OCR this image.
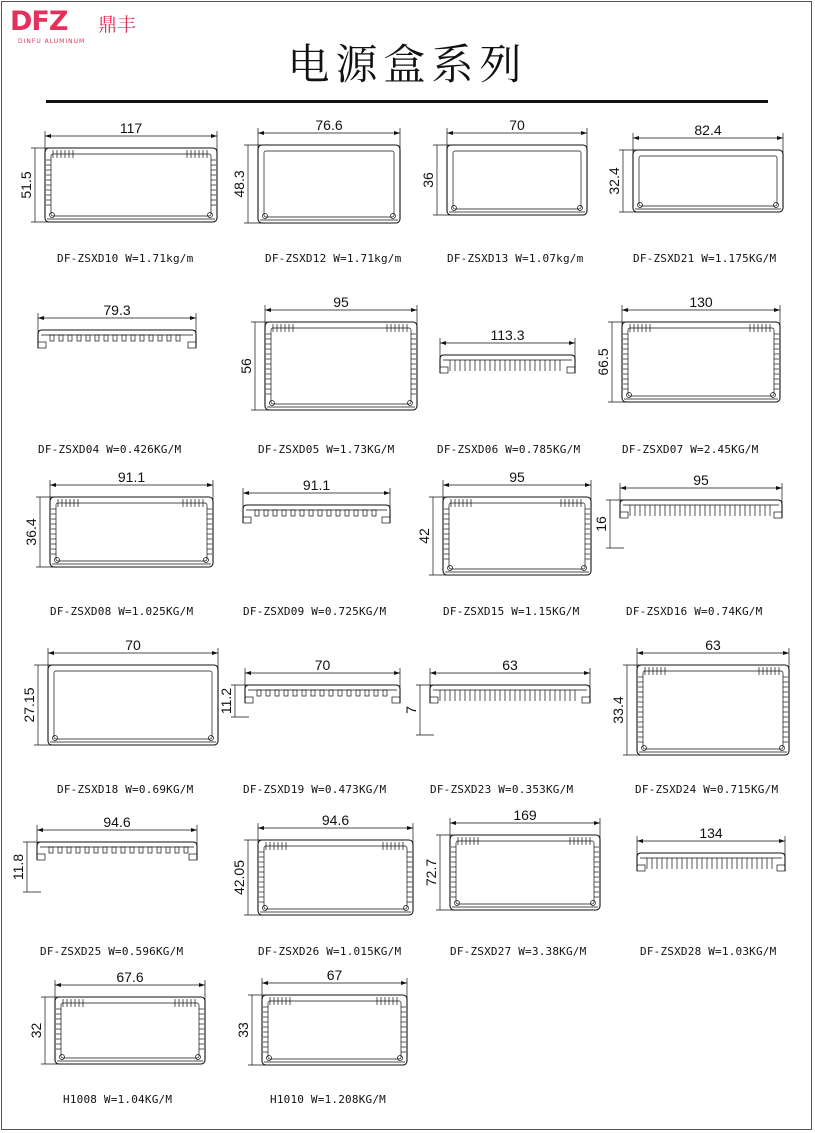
DFZ 鼎丰
DINFU ALUMINUM	电源盒系列
117
51.5
DF-ZSXD10 W=1.71kg/m
76.6
48.3
DF-ZSXD12 W=1.71kg/m
70
36
DF-ZSXD13 W=1.07kg/m
82.4
32.4
DF-ZSXD21 W=1.175KG/M
79.3
DF-ZSXD04 W=0.426KG/M
95
56
DF-ZSXD05 W=1.73KG/M
113.3
DF-ZSXD06 W=0.785KG/M
130
66.5
DF-ZSXD07 W=2.45KG/M
91.1
36.4
DF-ZSXD08 W=1.025KG/M
91.1
DF-ZSXD09 W=0.725KG/M
95
42
DF-ZSXD15 W=1.15KG/M
95
16
DF-ZSXD16 W=0.74KG/M
70
27.15
DF-ZSXD18 W=0.69KG/M
70
11.2
DF-ZSXD19 W=0.473KG/M
63
7
DF-ZSXD23 W=0.353KG/M
63
33.4
DF-ZSXD24 W=0.715KG/M
94.6
11.8
DF-ZSXD25 W=0.596KG/M
94.6
42.05
DF-ZSXD26 W=1.015KG/M
169
72.7
DF-ZSXD27 W=3.38KG/M
134
DF-ZSXD28 W=1.03KG/M
67.6
32
H1008 W=1.04KG/M
67
33
H1010 W=1.208KG/M
